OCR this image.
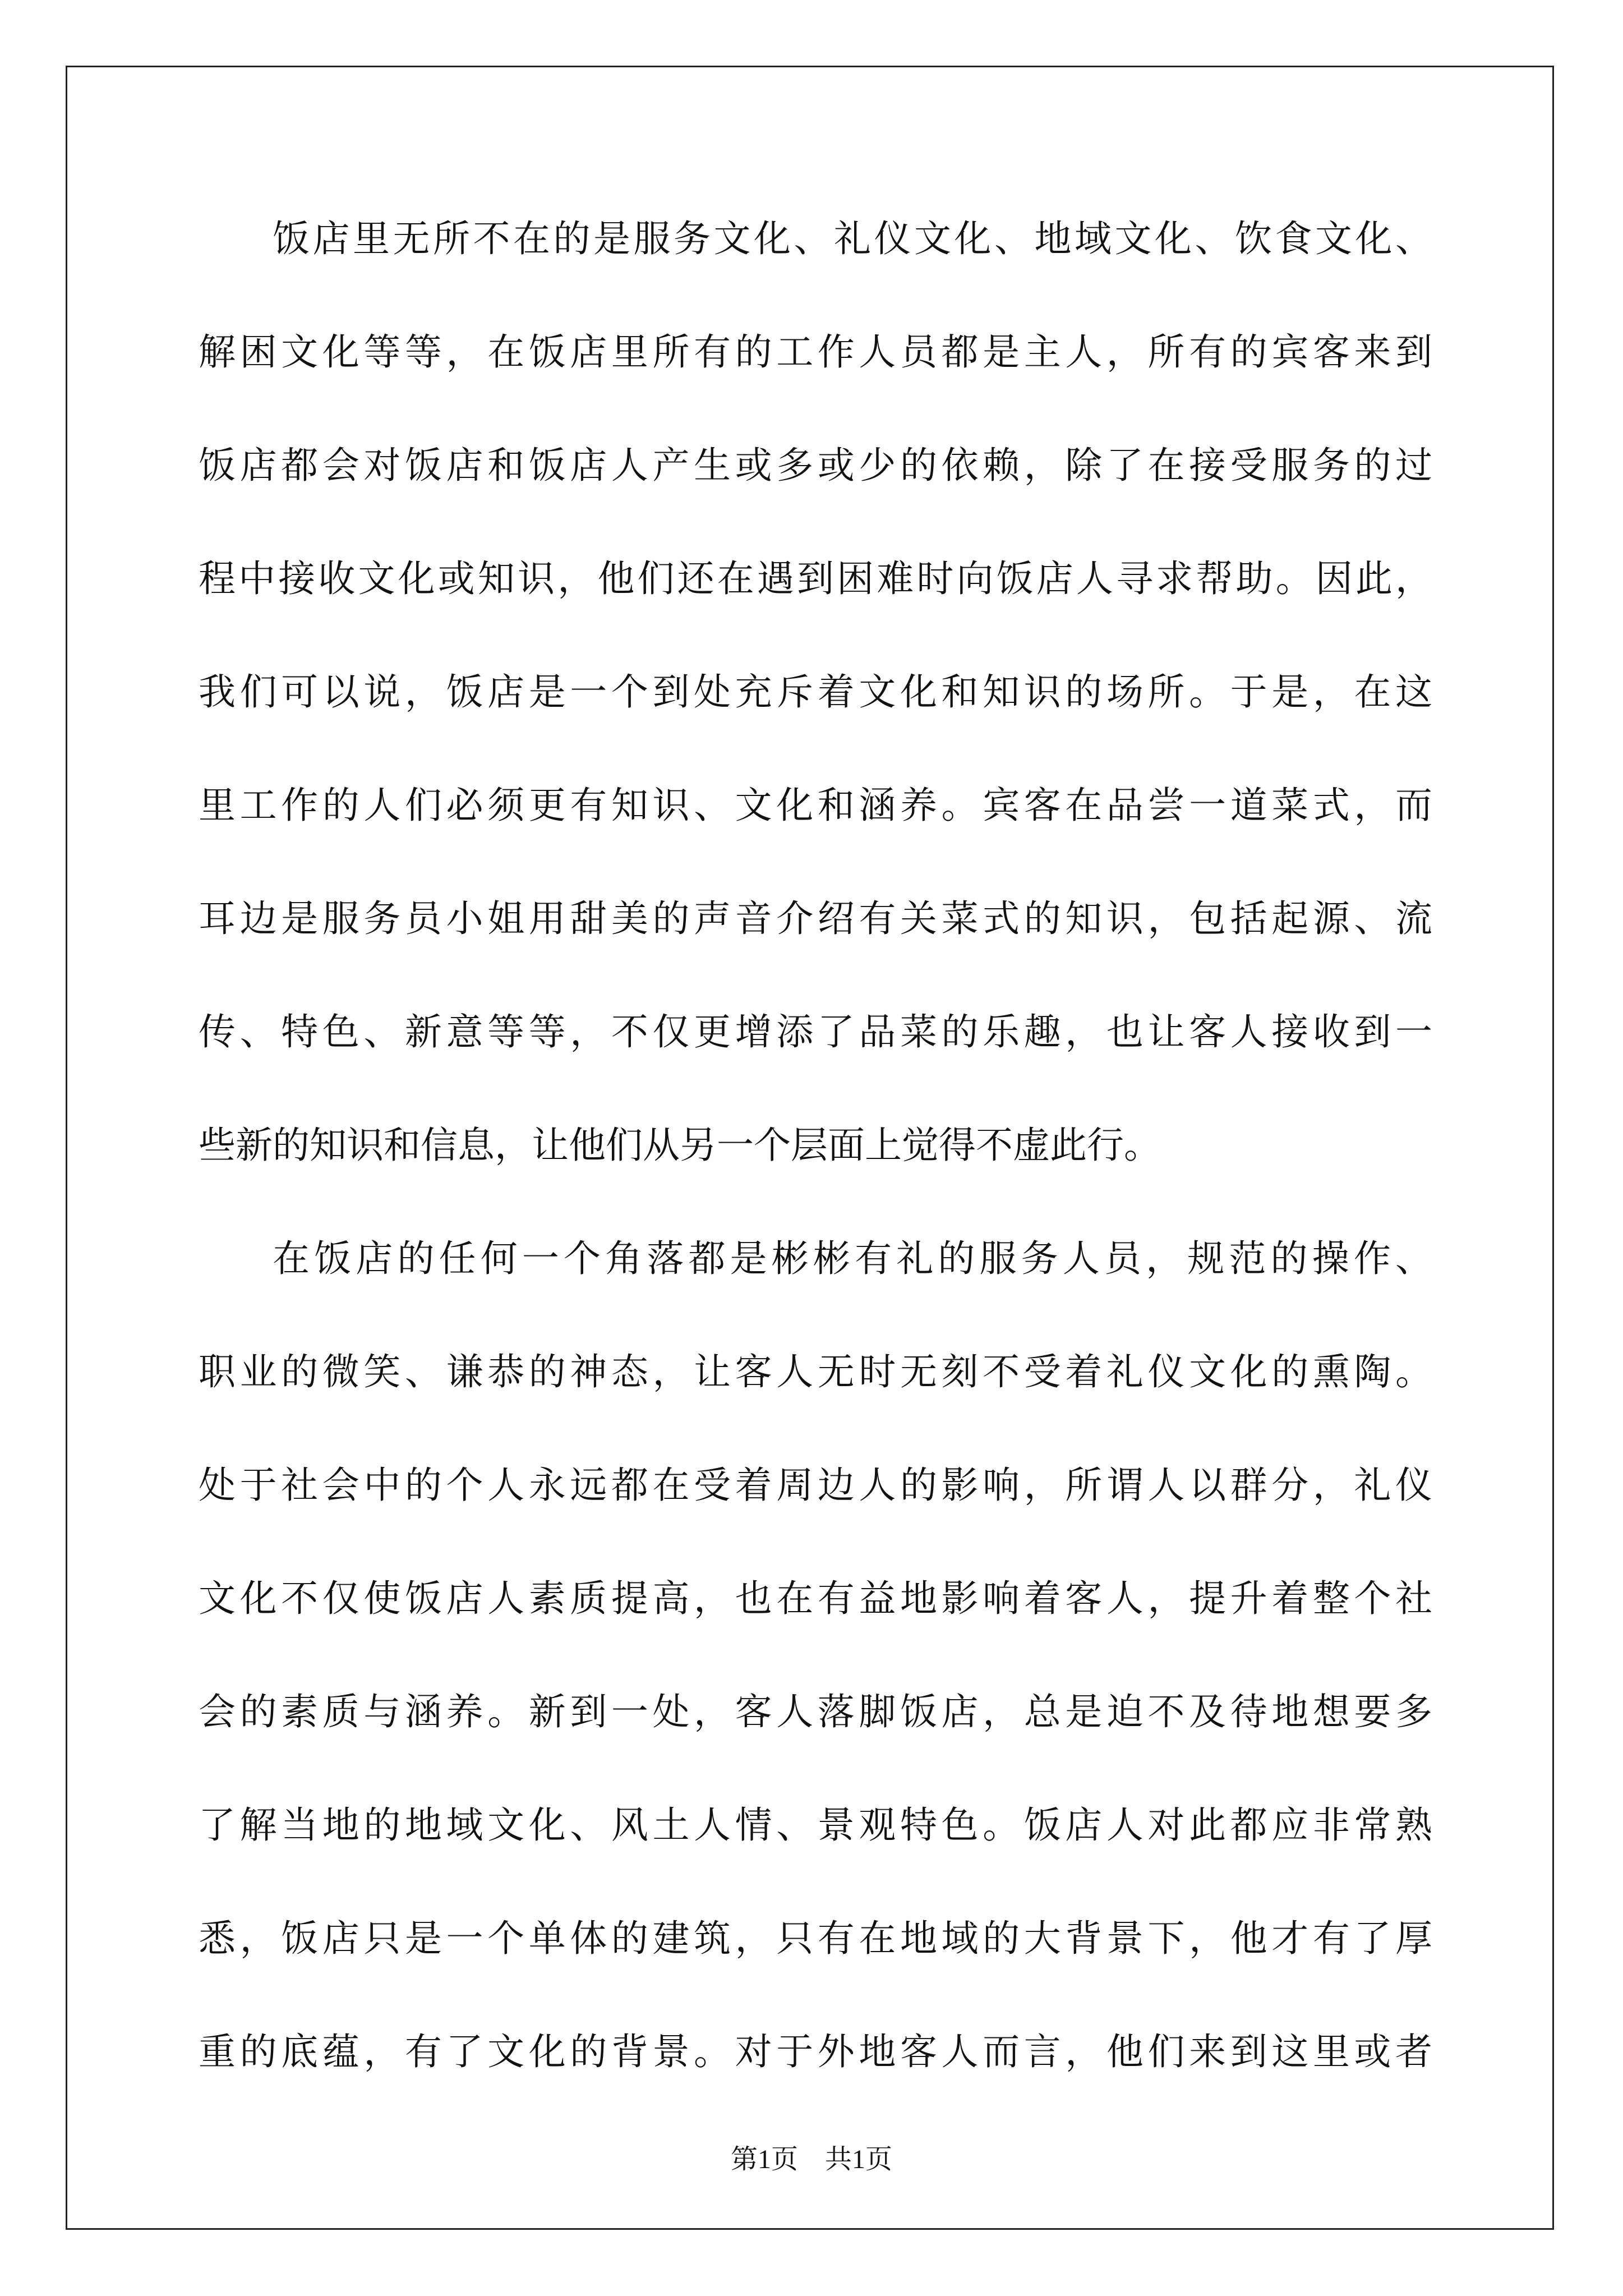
饭店里无所不在的是服务文化、礼仪文化、地域文化、饮食文化、
解困文化等等，在饭店里所有的工作人员都是主人，所有的宾客来到
饭店都会对饭店和饭店人产生或多或少的依赖，除了在接受服务的过
程中接收文化或知识，他们还在遇到困难时向饭店人寻求帮助。因此，
我们可以说，饭店是一个到处充斥着文化和知识的场所。于是，在这
里工作的人们必须更有知识、文化和涵养。宾客在品尝一道菜式，而
耳边是服务员小姐用甜美的声音介绍有关菜式的知识，包括起源、流
传、特色、新意等等，不仅更增添了品菜的乐趣，也让客人接收到一
些新的知识和信息，让他们从另一个层面上觉得不虚此行。
在饭店的任何一个角落都是彬彬有礼的服务人员，规范的操作、
职业的微笑、谦恭的神态，让客人无时无刻不受着礼仪文化的熏陶。
处于社会中的个人永远都在受着周边人的影响，所谓人以群分，礼仪
文化不仅使饭店人素质提高，也在有益地影响着客人，提升着整个社
会的素质与涵养。新到一处，客人落脚饭店，总是迫不及待地想要多
了解当地的地域文化、风土人情、景观特色。饭店人对此都应非常熟
悉，饭店只是一个单体的建筑，只有在地域的大背景下，他才有了厚
重的底蕴，有了文化的背景。对于外地客人而言，他们来到这里或者
第1页 共1页
